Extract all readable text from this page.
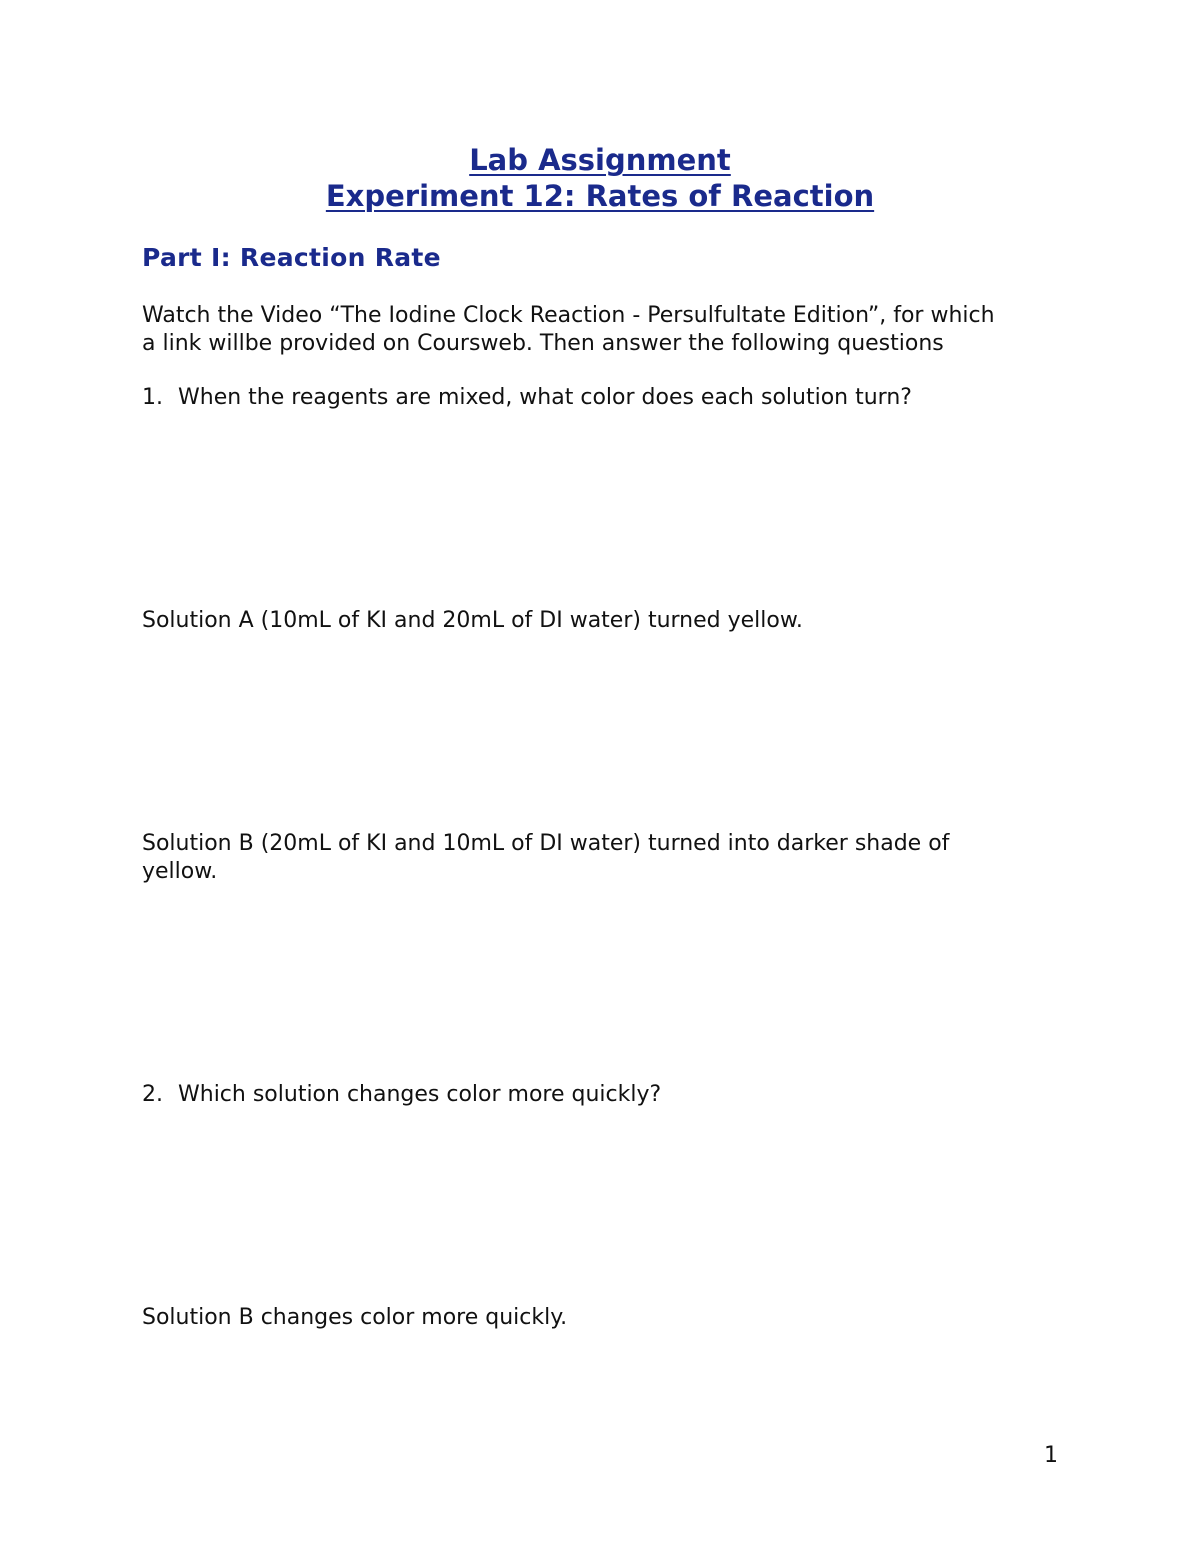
Lab Assignment
Experiment 12: Rates of Reaction
Part I: Reaction Rate
Watch the Video “The Iodine Clock Reaction - Persulfultate Edition”, for which
a link willbe provided on Coursweb. Then answer the following questions
1. When the reagents are mixed, what color does each solution turn?
Solution A (10mL of KI and 20mL of DI water) turned yellow.
Solution B (20mL of KI and 10mL of DI water) turned into darker shade of yellow.
2. Which solution changes color more quickly?
Solution B changes color more quickly.
1
